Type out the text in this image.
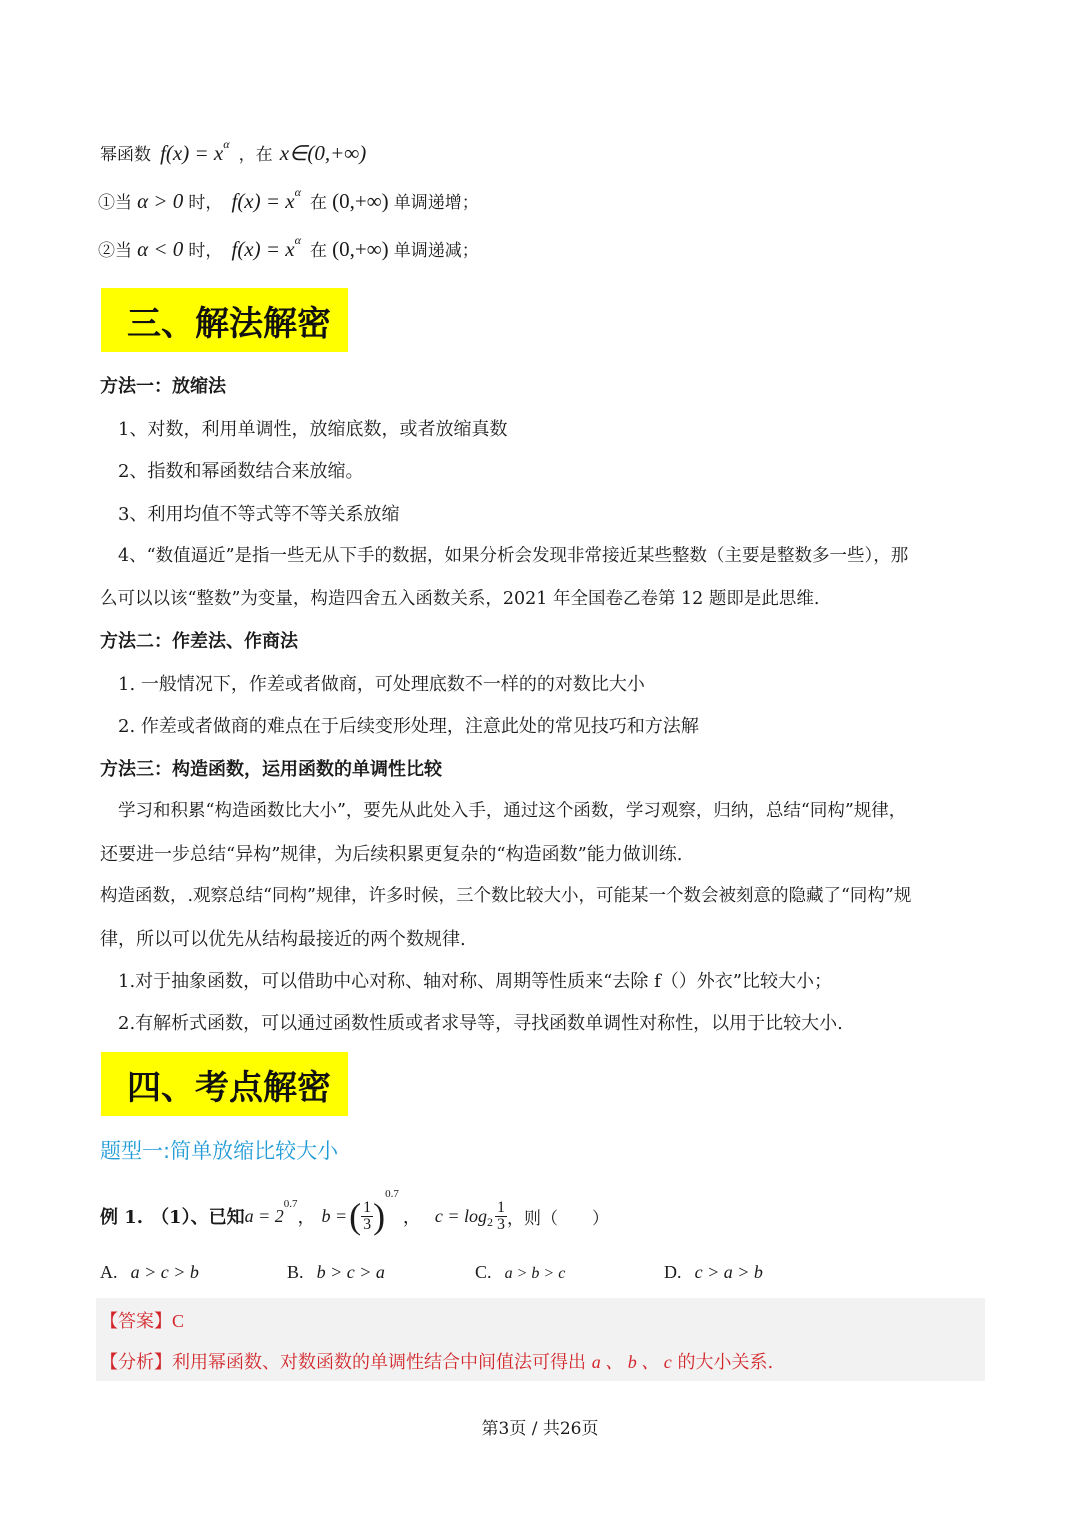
幂函数 $f(x) = x^\alpha$ ，在 x∈(0,+∞)
①当 α > 0 时， $f(x) = x^\alpha$ 在 (0,+∞) 单调递增；
②当 α < 0 时， $f(x) = x^\alpha$ 在 (0,+∞) 单调递减；
三、解法解密
方法一：放缩法
1、对数，利用单调性，放缩底数，或者放缩真数
2、指数和幂函数结合来放缩。
3、利用均值不等式等不等关系放缩
4、“数值逼近”是指一些无从下手的数据，如果分析会发现非常接近某些整数（主要是整数多一些），那
么可以以该“整数”为变量，构造四舍五入函数关系，2021 年全国卷乙卷第 12 题即是此思维.
方法二：作差法、作商法
1. 一般情况下，作差或者做商，可处理底数不一样的的对数比大小
2. 作差或者做商的难点在于后续变形处理，注意此处的常见技巧和方法解
方法三：构造函数，运用函数的单调性比较
学习和积累“构造函数比大小”，要先从此处入手，通过这个函数，学习观察，归纳，总结“同构”规律，
还要进一步总结“异构”规律，为后续积累更复杂的“构造函数”能力做训练.
构造函数，.观察总结“同构”规律，许多时候，三个数比较大小，可能某一个数会被刻意的隐藏了“同构”规
律，所以可以优先从结构最接近的两个数规律.
1.对于抽象函数，可以借助中心对称、轴对称、周期等性质来“去除 f（）外衣”比较大小；
2.有解析式函数，可以通过函数性质或者求导等，寻找函数单调性对称性，以用于比较大小.
四、考点解密
题型一:简单放缩比较大小
例 1. （1）、已知 a = 2
0.7
， b = ( $\frac{1}{3}$ )
0.7
， $c = \log 2 \frac{1}{3}$ ，则（　　）
A. a > c > b	B. b > c > a	C. a > b > c	D. c > a > b
【答案】C
【分析】利用幂函数、对数函数的单调性结合中间值法可得出 a 、 b 、 c 的大小关系.
第3页 / 共26页
